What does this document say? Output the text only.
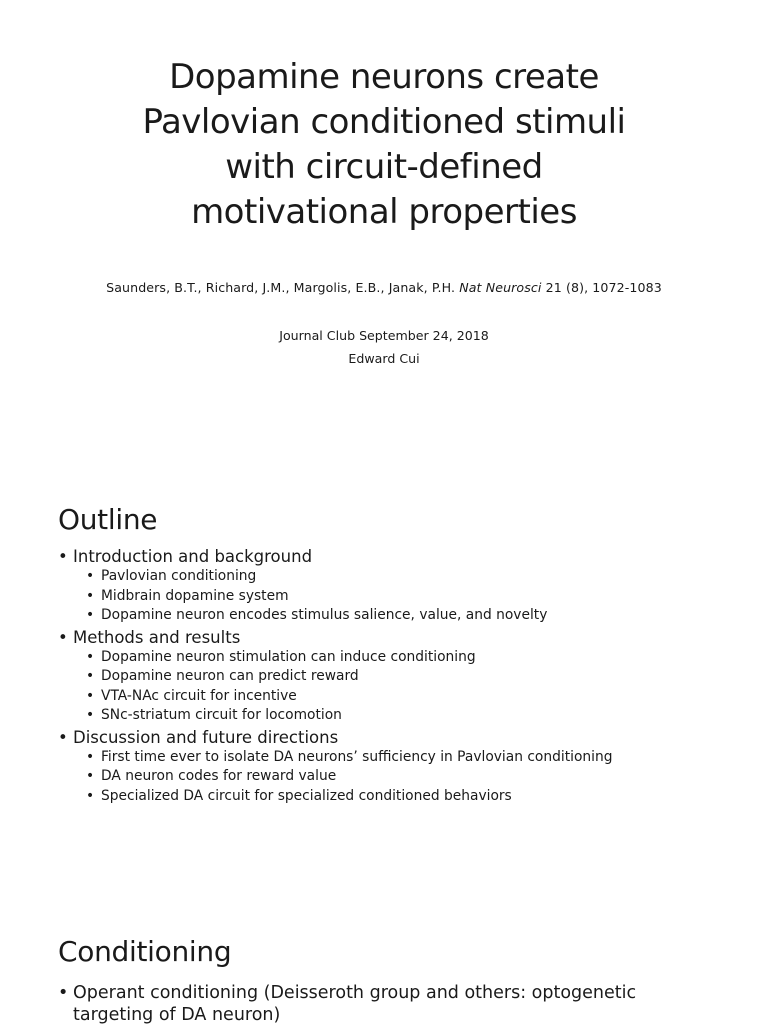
Dopamine neurons create
Pavlovian conditioned stimuli
with circuit-defined
motivational properties
Saunders, B.T., Richard, J.M., Margolis, E.B., Janak, P.H. Nat Neurosci 21 (8), 1072-1083
Journal Club September 24, 2018
Edward Cui
Outline
• Introduction and background
• Pavlovian conditioning
• Midbrain dopamine system
• Dopamine neuron encodes stimulus salience, value, and novelty
• Methods and results
• Dopamine neuron stimulation can induce conditioning
• Dopamine neuron can predict reward
• VTA-NAc circuit for incentive
• SNc-striatum circuit for locomotion
• Discussion and future directions
• First time ever to isolate DA neurons’ sufficiency in Pavlovian conditioning
• DA neuron codes for reward value
• Specialized DA circuit for specialized conditioned behaviors
Conditioning
• Operant conditioning (Deisseroth group and others: optogenetic targeting of DA neuron)
